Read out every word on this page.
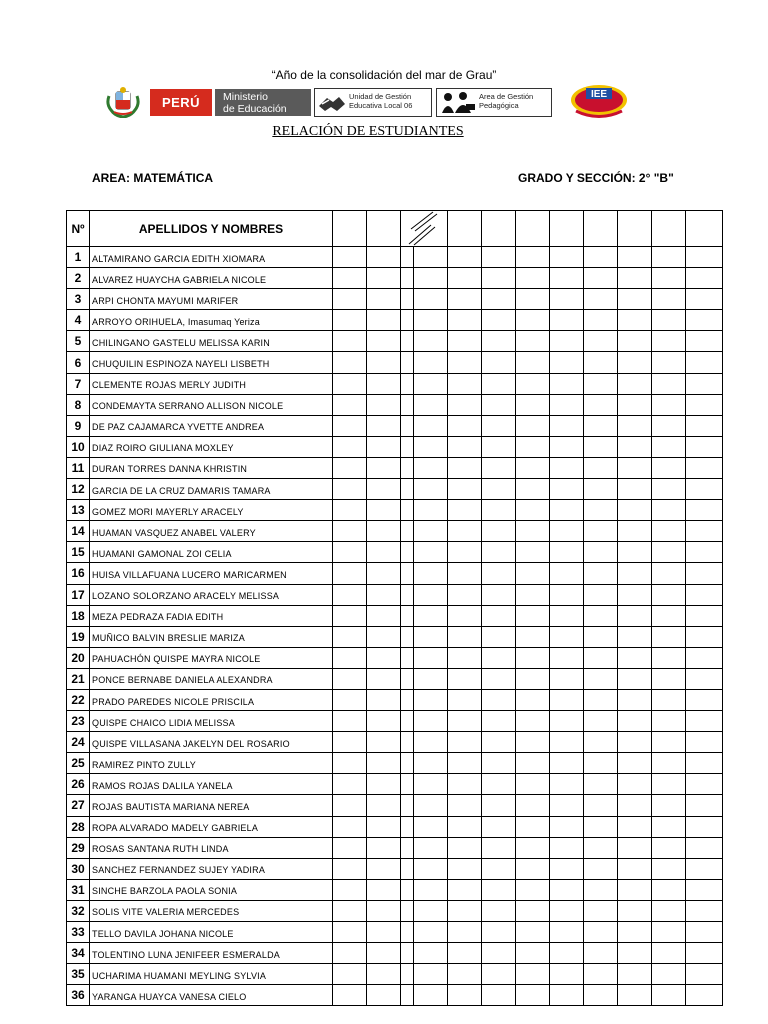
“Año de la consolidación del mar de Grau”
PERÚ	Ministerio
de Educación
Unidad de Gestión
Educativa Local 06
Area de Gestión
Pedagógica
IEE
RELACIÓN DE ESTUDIANTES
AREA: MATEMÁTICA	GRADO Y SECCIÓN: 2° "B"
Nº	APELLIDOS Y NOMBRES			

1	ALTAMIRANO GARCIA EDITH XIOMARA												
2	ALVAREZ HUAYCHA GABRIELA NICOLE												
3	ARPI CHONTA MAYUMI MARIFER												
4	ARROYO ORIHUELA, Imasumaq Yeriza												
5	CHILINGANO GASTELU MELISSA KARIN												
6	CHUQUILIN ESPINOZA NAYELI LISBETH												
7	CLEMENTE ROJAS MERLY JUDITH												
8	CONDEMAYTA SERRANO ALLISON NICOLE												
9	DE PAZ CAJAMARCA YVETTE ANDREA												
10	DIAZ ROIRO GIULIANA MOXLEY												
11	DURAN TORRES DANNA KHRISTIN												
12	GARCIA DE LA CRUZ DAMARIS TAMARA												
13	GOMEZ MORI MAYERLY ARACELY												
14	HUAMAN VASQUEZ ANABEL VALERY												
15	HUAMANI GAMONAL ZOI CELIA												
16	HUISA VILLAFUANA LUCERO MARICARMEN												
17	LOZANO SOLORZANO ARACELY MELISSA												
18	MEZA PEDRAZA FADIA EDITH												
19	MUÑICO BALVIN BRESLIE MARIZA												
20	PAHUACHÓN QUISPE MAYRA NICOLE												
21	PONCE BERNABE DANIELA ALEXANDRA												
22	PRADO PAREDES NICOLE PRISCILA												
23	QUISPE CHAICO LIDIA MELISSA												
24	QUISPE VILLASANA JAKELYN DEL ROSARIO												
25	RAMIREZ PINTO ZULLY												
26	RAMOS ROJAS DALILA YANELA												
27	ROJAS BAUTISTA MARIANA NEREA												
28	ROPA ALVARADO MADELY GABRIELA												
29	ROSAS SANTANA RUTH LINDA												
30	SANCHEZ FERNANDEZ SUJEY YADIRA												
31	SINCHE BARZOLA PAOLA SONIA												
32	SOLIS VITE VALERIA MERCEDES												
33	TELLO DAVILA JOHANA NICOLE												
34	TOLENTINO LUNA JENIFEER ESMERALDA												
35	UCHARIMA HUAMANI MEYLING SYLVIA												
36	YARANGA HUAYCA VANESA CIELO												
